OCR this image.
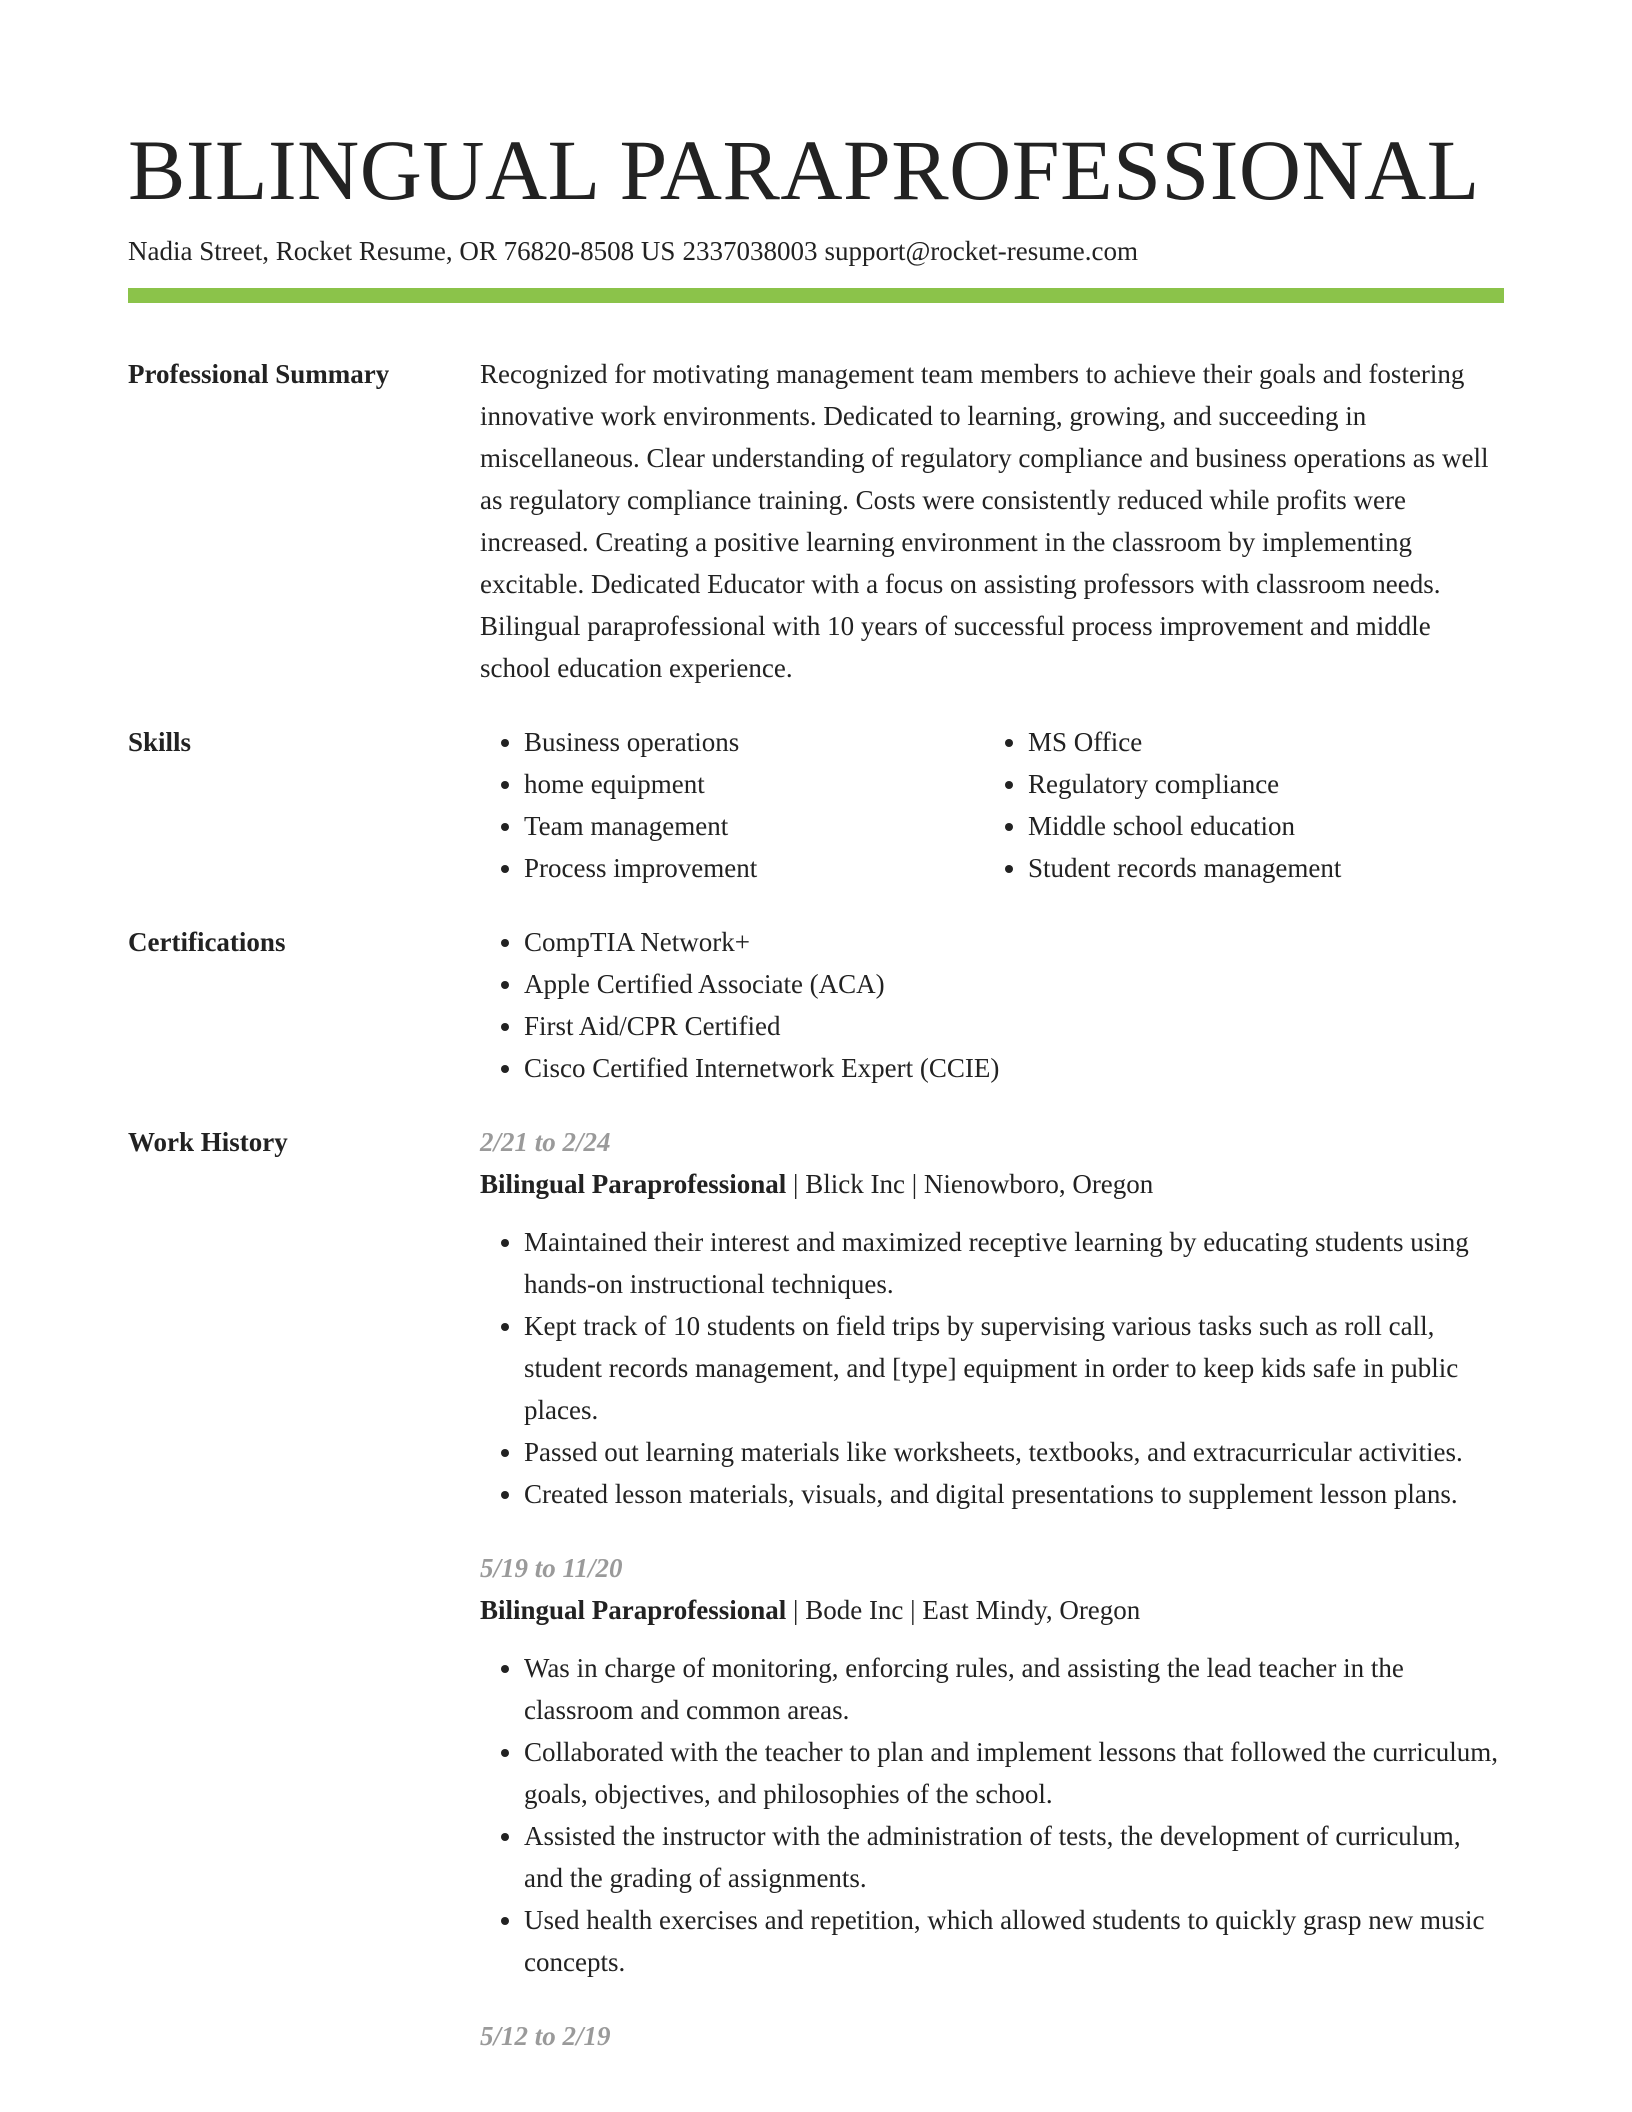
BILINGUAL PARAPROFESSIONAL
Nadia Street, Rocket Resume, OR 76820-8508 US 2337038003 support@rocket-resume.com
Professional Summary	Recognized for motivating management team members to achieve their goals and fostering innovative work environments. Dedicated to learning, growing, and succeeding in miscellaneous. Clear understanding of regulatory compliance and business operations as well as regulatory compliance training. Costs were consistently reduced while profits were increased. Creating a positive learning environment in the classroom by implementing excitable. Dedicated Educator with a focus on assisting professors with classroom needs. Bilingual paraprofessional with 10 years of successful process improvement and middle school education experience.

Skills	• Business operations
• home equipment
• Team management
• Process improvement
• MS Office
• Regulatory compliance
• Middle school education
• Student records management
Certifications	• CompTIA Network+
• Apple Certified Associate (ACA)
• First Aid/CPR Certified
• Cisco Certified Internetwork Expert (CCIE)
Work History	2/21 to 2/24
Bilingual Paraprofessional | Blick Inc | Nienowboro, Oregon
• Maintained their interest and maximized receptive learning by educating students using hands-on instructional techniques.
• Kept track of 10 students on field trips by supervising various tasks such as roll call, student records management, and [type] equipment in order to keep kids safe in public places.
• Passed out learning materials like worksheets, textbooks, and extracurricular activities.
• Created lesson materials, visuals, and digital presentations to supplement lesson plans.
5/19 to 11/20
Bilingual Paraprofessional | Bode Inc | East Mindy, Oregon
• Was in charge of monitoring, enforcing rules, and assisting the lead teacher in the classroom and common areas.
• Collaborated with the teacher to plan and implement lessons that followed the curriculum, goals, objectives, and philosophies of the school.
• Assisted the instructor with the administration of tests, the development of curriculum, and the grading of assignments.
• Used health exercises and repetition, which allowed students to quickly grasp new music concepts.
5/12 to 2/19
